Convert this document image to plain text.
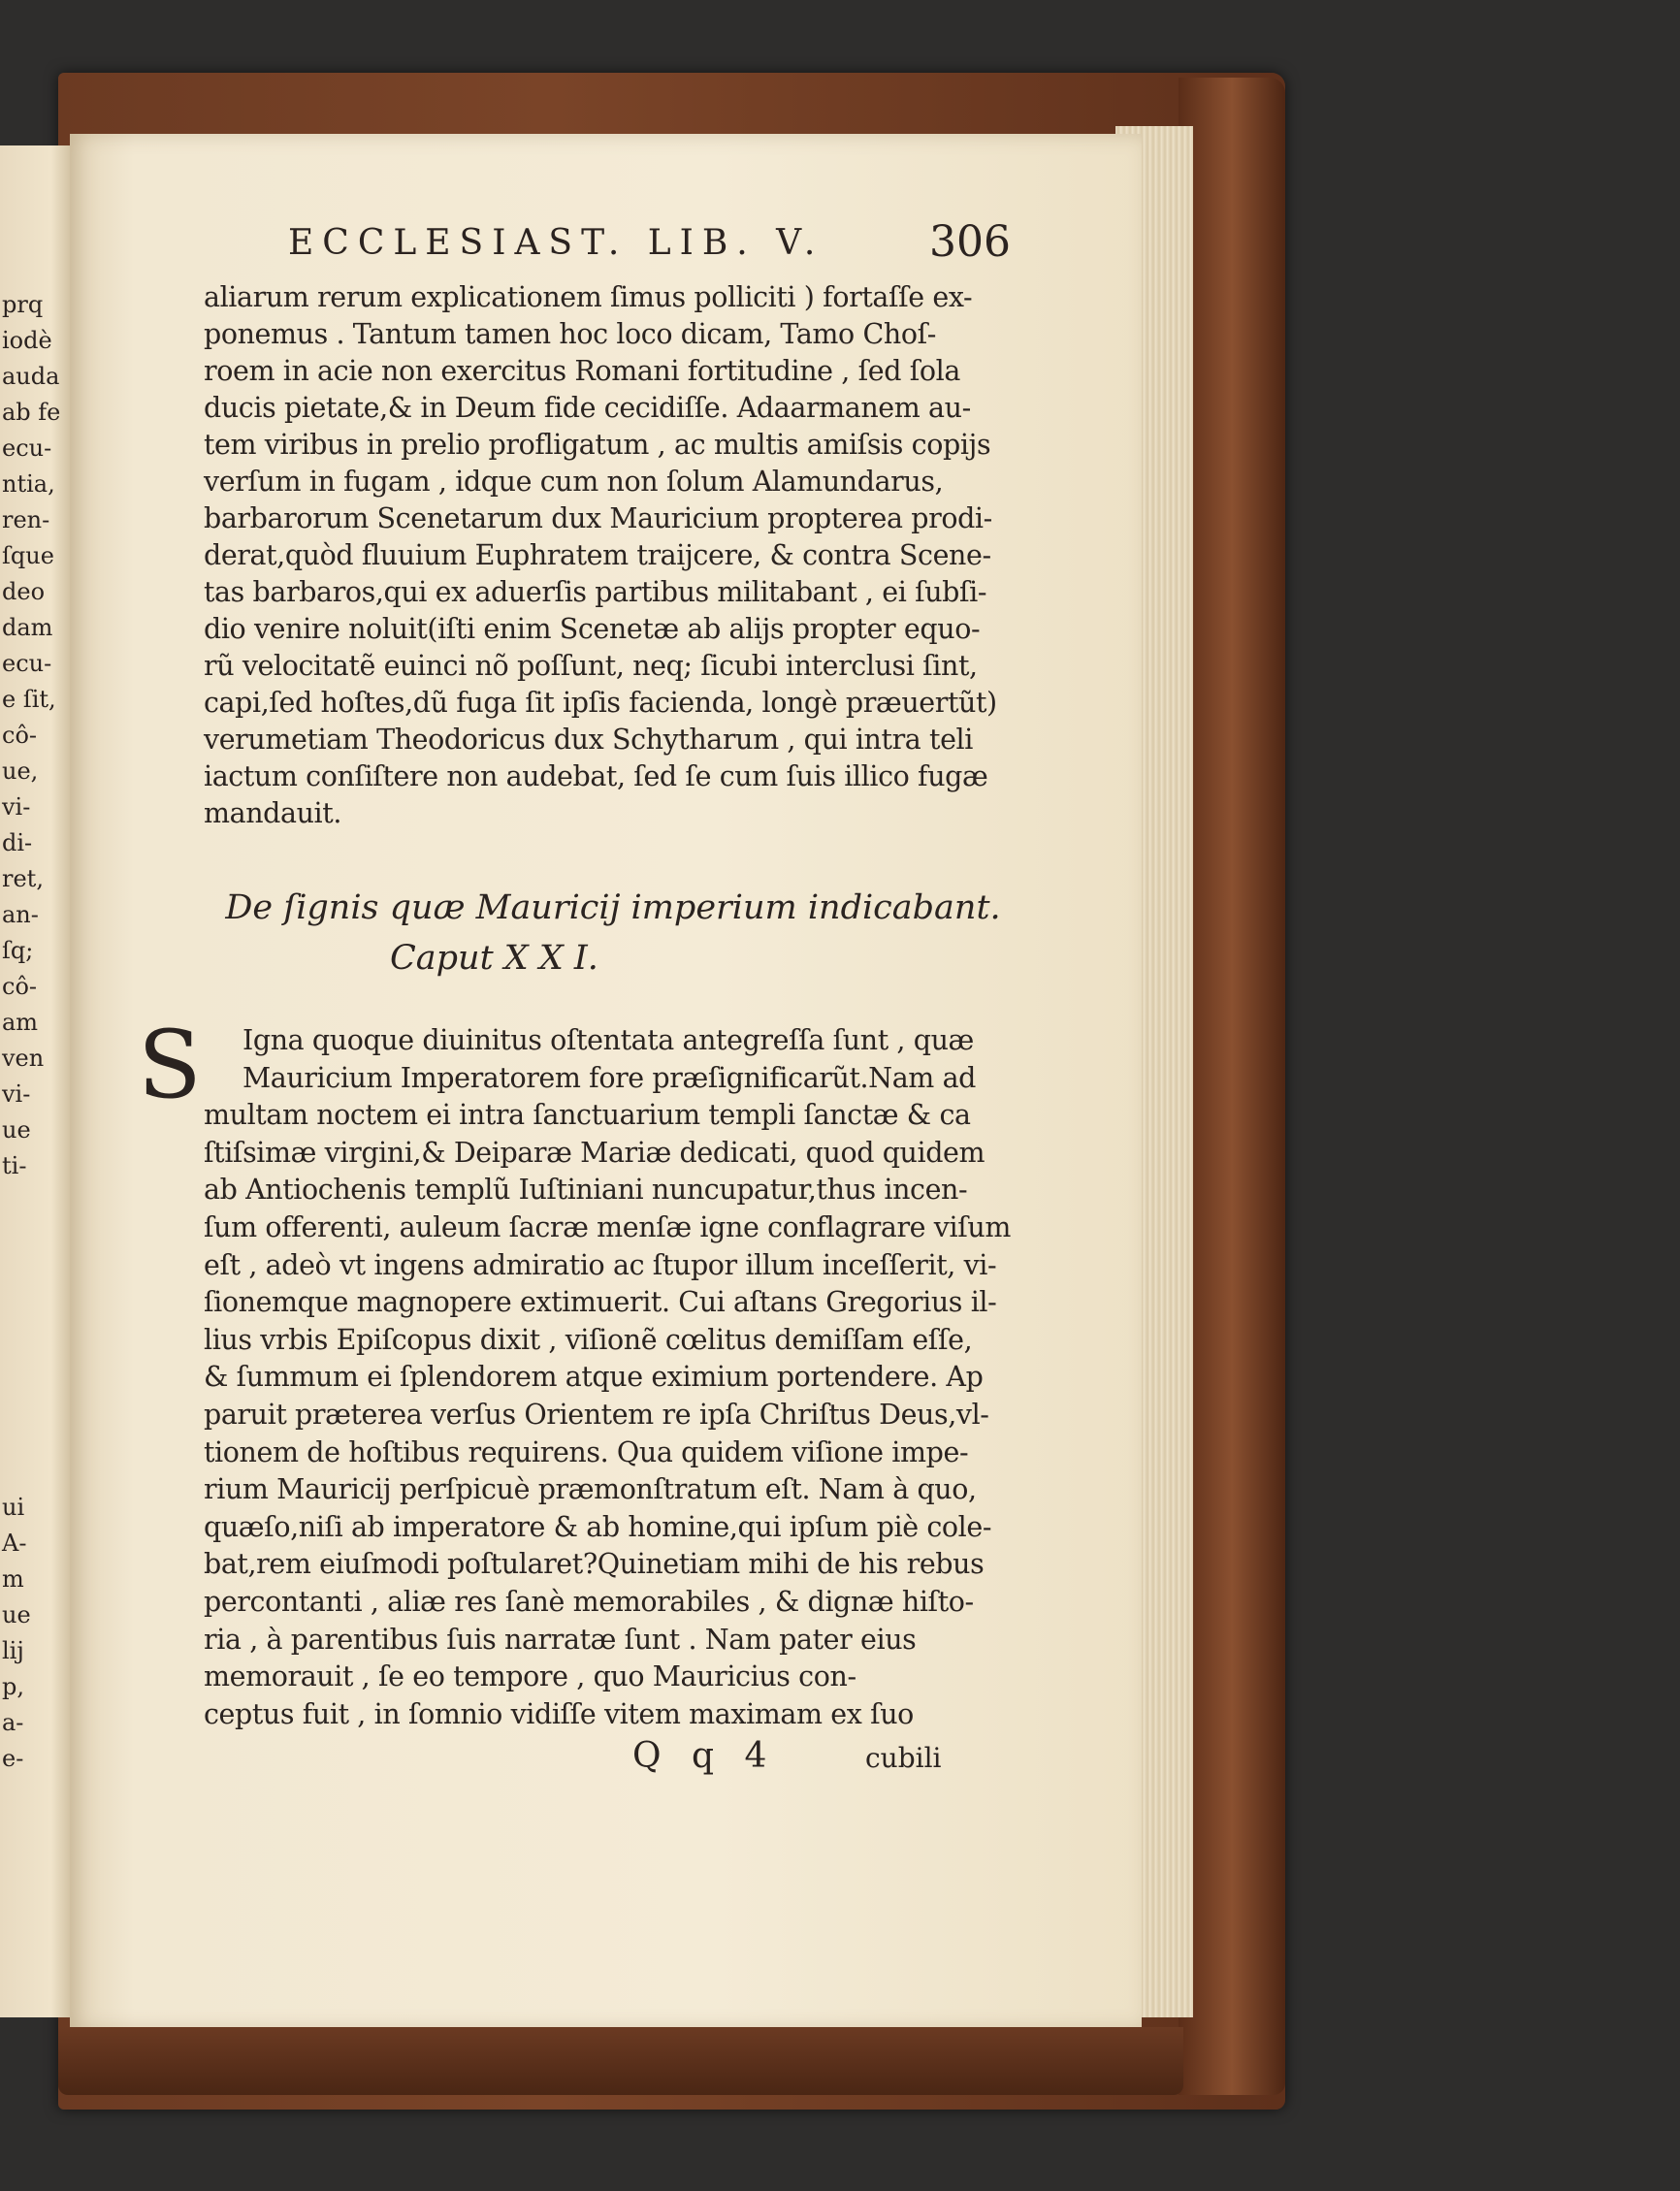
prq
iodè
auda
ab fe
ecu-
ntia,
ren-
ſque
deo
dam
ecu-
e ſit,
cô-
ue,
vi-
di-
ret,
an-
ſq;
cô-
am
ven
vi-
ue
ti-
ui
A-
m
ue
lij
p,
a-
e-
ECCLESIAST. LIB. V. 306
aliarum rerum explicationem ſimus polliciti ) fortaſſe ex-
ponemus . Tantum tamen hoc loco dicam, Tamo Choſ-
roem in acie non exercitus Romani fortitudine , ſed ſola
ducis pietate,& in Deum fide cecidiſſe. Adaarmanem au-
tem viribus in prelio profligatum , ac multis amiſsis copijs
verſum in fugam , idque cum non ſolum Alamundarus,
barbarorum Scenetarum dux Mauricium propterea prodi-
derat,quòd fluuium Euphratem traijcere, & contra Scene-
tas barbaros,qui ex aduerſis partibus militabant , ei ſubſi-
dio venire noluit(iſti enim Scenetæ ab alijs propter equo-
rũ velocitatẽ euinci nõ poſſunt, neq; ſicubi interclusi ſint,
capi,ſed hoſtes,dũ fuga ſit ipſis facienda, longè præuertũt)
verumetiam Theodoricus dux Schytharum , qui intra teli
iactum conſiſtere non audebat, ſed ſe cum ſuis illico fugæ
mandauit.
De ſignis quæ Mauricij imperium indicabant.
Caput X X I.
S Igna quoque diuinitus oſtentata antegreſſa ſunt , quæ
Mauricium Imperatorem fore præſignificarũt.Nam ad
multam noctem ei intra ſanctuarium templi ſanctæ & ca
ſtiſsimæ virgini,& Deiparæ Mariæ dedicati, quod quidem
ab Antiochenis templũ Iuſtiniani nuncupatur,thus incen-
ſum offerenti, auleum ſacræ menſæ igne conflagrare viſum
eſt , adeò vt ingens admiratio ac ſtupor illum inceſſerit, vi-
ſionemque magnopere extimuerit. Cui aſtans Gregorius il-
lius vrbis Epiſcopus dixit , viſionẽ cœlitus demiſſam eſſe,
& ſummum ei ſplendorem atque eximium portendere. Ap
paruit præterea verſus Orientem re ipſa Chriſtus Deus,vl-
tionem de hoſtibus requirens. Qua quidem viſione impe-
rium Mauricij perſpicuè præmonſtratum eſt. Nam à quo,
quæſo,niſi ab imperatore & ab homine,qui ipſum piè cole-
bat,rem eiuſmodi poſtularet?Quinetiam mihi de his rebus
percontanti , aliæ res ſanè memorabiles , & dignæ hiſto-
ria , à parentibus ſuis narratæ ſunt . Nam pater eius
memorauit , ſe eo tempore , quo Mauricius con-
ceptus fuit , in ſomnio vidiſſe vitem maximam ex ſuo
Q q 4	cubili
